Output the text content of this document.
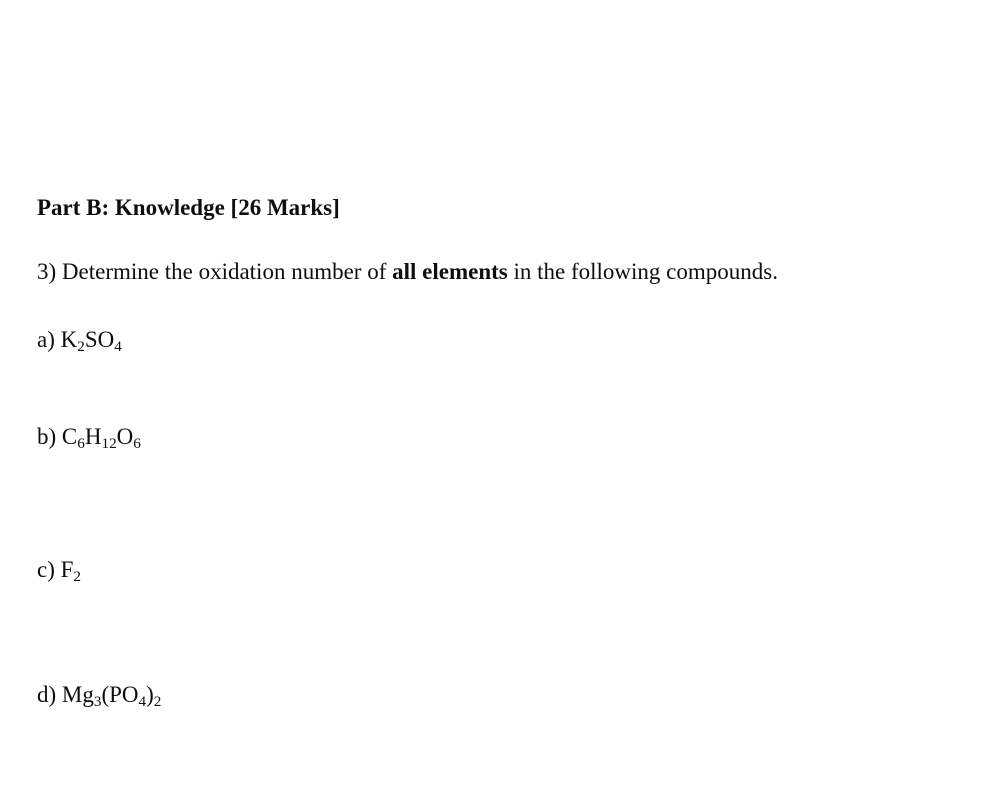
Part B: Knowledge [26 Marks]

3) Determine the oxidation number of all elements in the following compounds.

a) $K_2SO_4$

b) $C_6H_{12}O_6$

c) $F_2$

d) $Mg_3(PO_4)_2$
